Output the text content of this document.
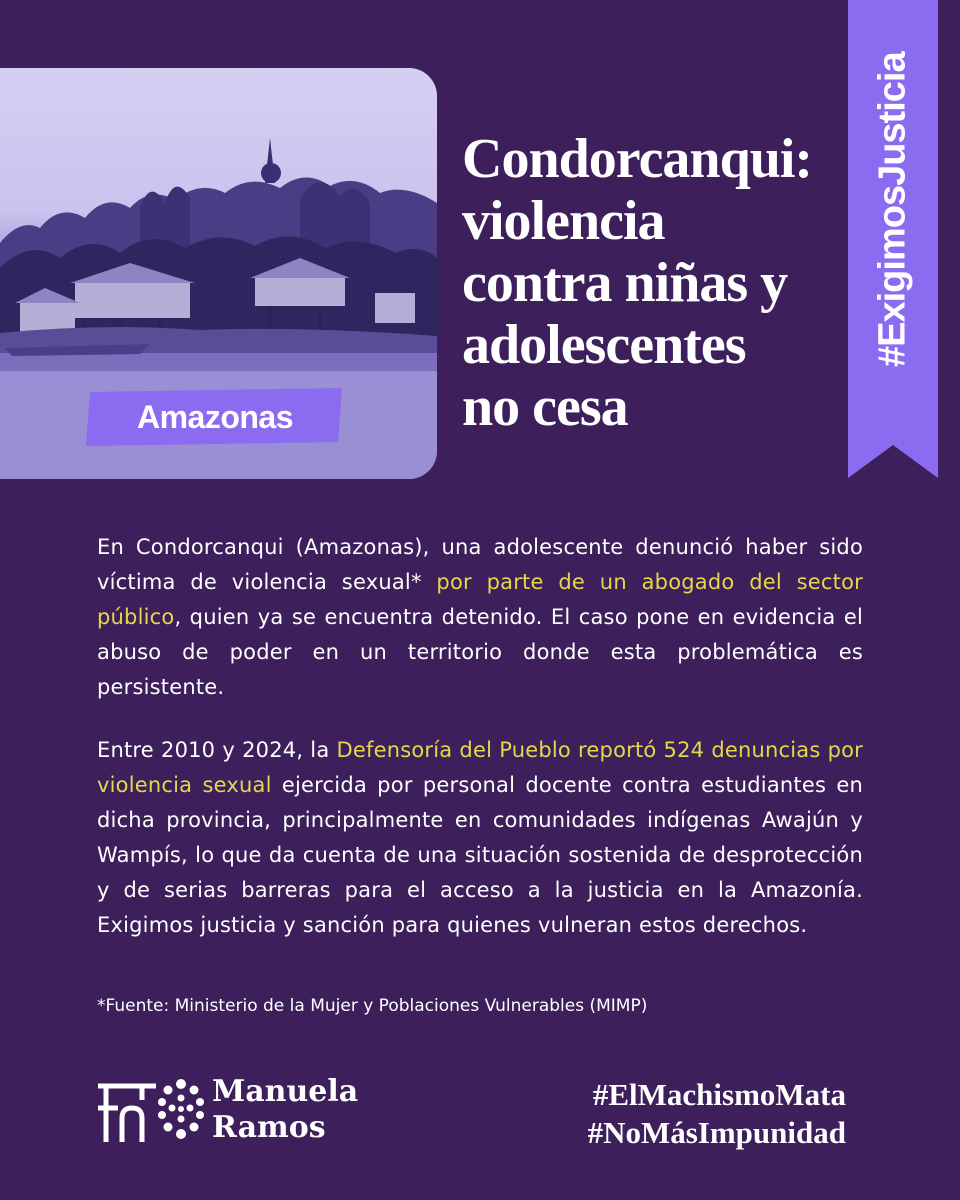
Amazonas
Condorcanqui:
violencia
contra niñas y
adolescentes
no cesa
#ExigimosJusticia

En Condorcanqui (Amazonas), una adolescente denunció haber sido víctima de violencia sexual* por parte de un abogado del sector público, quien ya se encuentra detenido. El caso pone en evidencia el abuso de poder en un territorio donde esta problemática es persistente.

Entre 2010 y 2024, la Defensoría del Pueblo reportó 524 denuncias por violencia sexual ejercida por personal docente contra estudiantes en dicha provincia, principalmente en comunidades indígenas Awajún y Wampís, lo que da cuenta de una situación sostenida de desprotección y de serias barreras para el acceso a la justicia en la Amazonía. Exigimos justicia y sanción para quienes vulneran estos derechos.

*Fuente: Ministerio de la Mujer y Poblaciones Vulnerables (MIMP)
Manuela
Ramos
#ElMachismoMata
#NoMásImpunidad
